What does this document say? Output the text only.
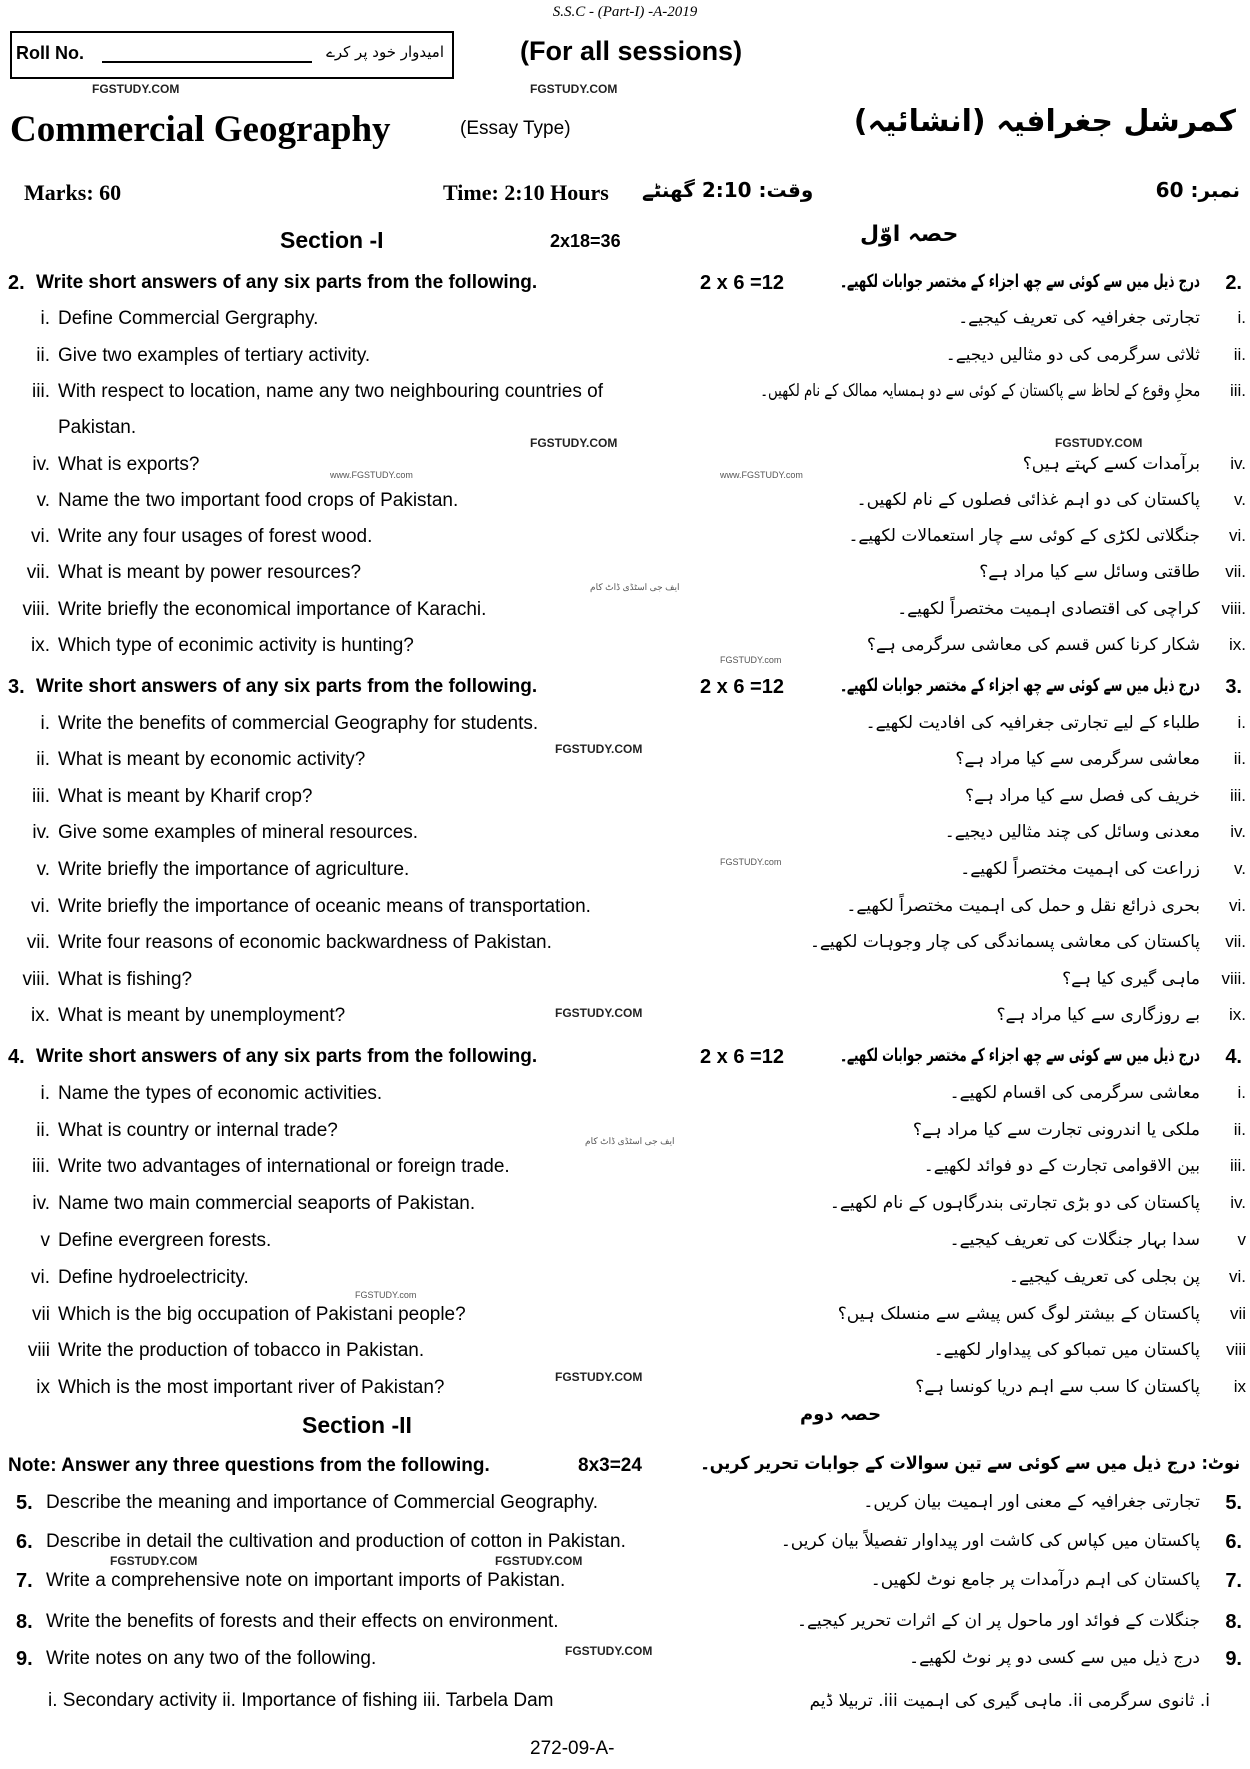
S.S.C - (Part-I) -A-2019
Roll No.	امیدوار خود پر کرے	(For all sessions)
Commercial Geography	(Essay Type)	کمرشل جغرافیہ (انشائیہ)
Marks: 60	Time: 2:10 Hours وقت: 2:10 گھنٹے	نمبر: 60
Section -I	2x18=36	حصہ اوّل
2. Write short answers of any six parts from the following.	2 x 6 =12	درج ذیل میں سے کوئی سے چھ اجزاء کے مختصر جوابات لکھیے۔ 2.
i. Define Commercial Gergraphy.	تجارتی جغرافیہ کی تعریف کیجیے۔	i.
ii. Give two examples of tertiary activity.	ثلاثی سرگرمی کی دو مثالیں دیجیے۔	ii.
iii. With respect to location, name any two neighbouring countries of	محلِ وقوع کے لحاظ سے پاکستان کے کوئی سے دو ہمسایہ ممالک کے نام لکھیں۔	iii.
Pakistan.
iv. What is exports?	برآمدات کسے کہتے ہیں؟	iv.
v. Name the two important food crops of Pakistan.	پاکستان کی دو اہم غذائی فصلوں کے نام لکھیں۔	v.
vi. Write any four usages of forest wood.	جنگلاتی لکڑی کے کوئی سے چار استعمالات لکھیے۔	vi.
vii. What is meant by power resources?	طاقتی وسائل سے کیا مراد ہے؟	vii.
viii. Write briefly the economical importance of Karachi.	کراچی کی اقتصادی اہمیت مختصراً لکھیے۔	viii.
ix. Which type of econimic activity is hunting?	شکار کرنا کس قسم کی معاشی سرگرمی ہے؟	ix.
3. Write short answers of any six parts from the following.	2 x 6 =12	درج ذیل میں سے کوئی سے چھ اجزاء کے مختصر جوابات لکھیے۔ 3.
i. Write the benefits of commercial Geography for students.	طلباء کے لیے تجارتی جغرافیہ کی افادیت لکھیے۔	i.
ii. What is meant by economic activity?	معاشی سرگرمی سے کیا مراد ہے؟	ii.
iii. What is meant by Kharif crop?	خریف کی فصل سے کیا مراد ہے؟	iii.
iv. Give some examples of mineral resources.	معدنی وسائل کی چند مثالیں دیجیے۔	iv.
v. Write briefly the importance of agriculture.	زراعت کی اہمیت مختصراً لکھیے۔	v.
vi. Write briefly the importance of oceanic means of transportation.	بحری ذرائع نقل و حمل کی اہمیت مختصراً لکھیے۔	vi.
vii. Write four reasons of economic backwardness of Pakistan.	پاکستان کی معاشی پسماندگی کی چار وجوہات لکھیے۔	vii.
viii. What is fishing?	ماہی گیری کیا ہے؟	viii.
ix. What is meant by unemployment?	بے روزگاری سے کیا مراد ہے؟	ix.
4. Write short answers of any six parts from the following.	2 x 6 =12	درج ذیل میں سے کوئی سے چھ اجزاء کے مختصر جوابات لکھیے۔ 4.
i. Name the types of economic activities.	معاشی سرگرمی کی اقسام لکھیے۔	i.
ii. What is country or internal trade?	ملکی یا اندرونی تجارت سے کیا مراد ہے؟	ii.
iii. Write two advantages of international or foreign trade.	بین الاقوامی تجارت کے دو فوائد لکھیے۔	iii.
iv. Name two main commercial seaports of Pakistan.	پاکستان کی دو بڑی تجارتی بندرگاہوں کے نام لکھیے۔	iv.
v Define evergreen forests.	سدا بہار جنگلات کی تعریف کیجیے۔	v
vi. Define hydroelectricity.	پن بجلی کی تعریف کیجیے۔	vi.
vii Which is the big occupation of Pakistani people?	پاکستان کے بیشتر لوگ کس پیشے سے منسلک ہیں؟	vii
viii Write the production of tobacco in Pakistan.	پاکستان میں تمباکو کی پیداوار لکھیے۔	viii
ix Which is the most important river of Pakistan?	پاکستان کا سب سے اہم دریا کونسا ہے؟	ix
Section -II	حصہ دوم
Note: Answer any three questions from the following.	8x3=24	نوٹ: درج ذیل میں سے کوئی سے تین سوالات کے جوابات تحریر کریں۔
5. Describe the meaning and importance of Commercial Geography.	تجارتی جغرافیہ کے معنی اور اہمیت بیان کریں۔ 5.
6. Describe in detail the cultivation and production of cotton in Pakistan.	پاکستان میں کپاس کی کاشت اور پیداوار تفصیلاً بیان کریں۔ 6.
7. Write a comprehensive note on important imports of Pakistan.	پاکستان کی اہم درآمدات پر جامع نوٹ لکھیں۔ 7.
8. Write the benefits of forests and their effects on environment.	جنگلات کے فوائد اور ماحول پر ان کے اثرات تحریر کیجیے۔ 8.
9. Write notes on any two of the following.	درج ذیل میں سے کسی دو پر نوٹ لکھیے۔ 9.
i. Secondary activity ii. Importance of fishing iii. Tarbela Dam	i. ثانوی سرگرمی ii. ماہی گیری کی اہمیت iii. تربیلا ڈیم
272-09-A-
FGSTUDY.COM	FGSTUDY.COM
FGSTUDY.COM	FGSTUDY.COM
www.FGSTUDY.com	www.FGSTUDY.com
FGSTUDY.com
FGSTUDY.COM
FGSTUDY.com
FGSTUDY.COM
FGSTUDY.com
FGSTUDY.COM
FGSTUDY.COM	FGSTUDY.COM
FGSTUDY.COM
ایف جی اسٹڈی ڈاٹ کام
ایف جی اسٹڈی ڈاٹ کام
